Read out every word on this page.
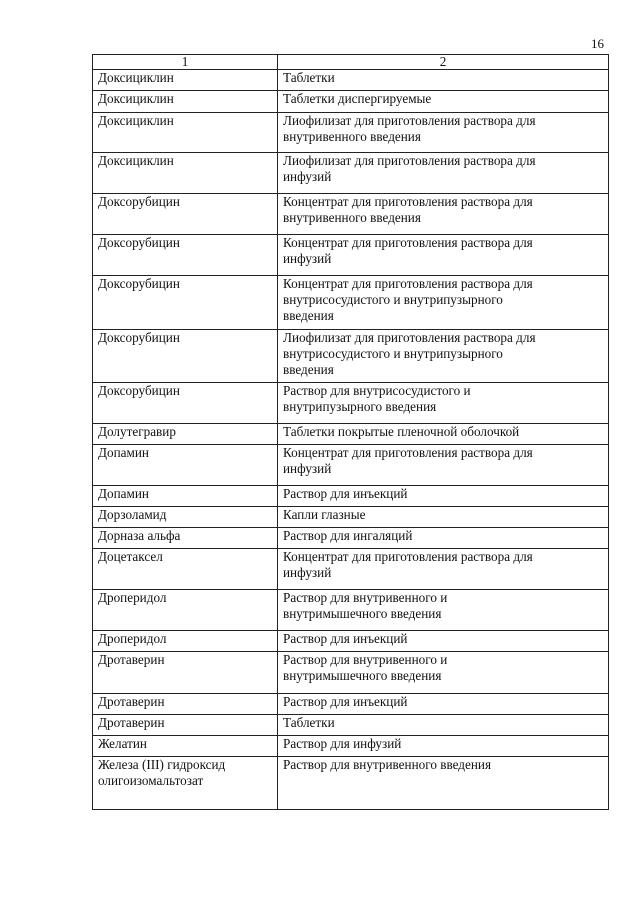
16
1	2

Доксициклин	Таблетки

Доксициклин	Таблетки диспергируемые

Доксициклин	Лиофилизат для приготовления раствора для
внутривенного введения

Доксициклин	Лиофилизат для приготовления раствора для
инфузий

Доксорубицин	Концентрат для приготовления раствора для
внутривенного введения

Доксорубицин	Концентрат для приготовления раствора для
инфузий

Доксорубицин	Концентрат для приготовления раствора для
внутрисосудистого и внутрипузырного
введения

Доксорубицин	Лиофилизат для приготовления раствора для
внутрисосудистого и внутрипузырного
введения

Доксорубицин	Раствор для внутрисосудистого и
внутрипузырного введения

Долутегравир	Таблетки покрытые пленочной оболочкой

Допамин	Концентрат для приготовления раствора для
инфузий

Допамин	Раствор для инъекций

Дорзоламид	Капли глазные

Дорназа альфа	Раствор для ингаляций

Доцетаксел	Концентрат для приготовления раствора для
инфузий

Дроперидол	Раствор для внутривенного и
внутримышечного введения

Дроперидол	Раствор для инъекций

Дротаверин	Раствор для внутривенного и
внутримышечного введения

Дротаверин	Раствор для инъекций

Дротаверин	Таблетки

Желатин	Раствор для инфузий

Железа (III) гидроксид
олигоизомальтозат	Раствор для внутривенного введения
